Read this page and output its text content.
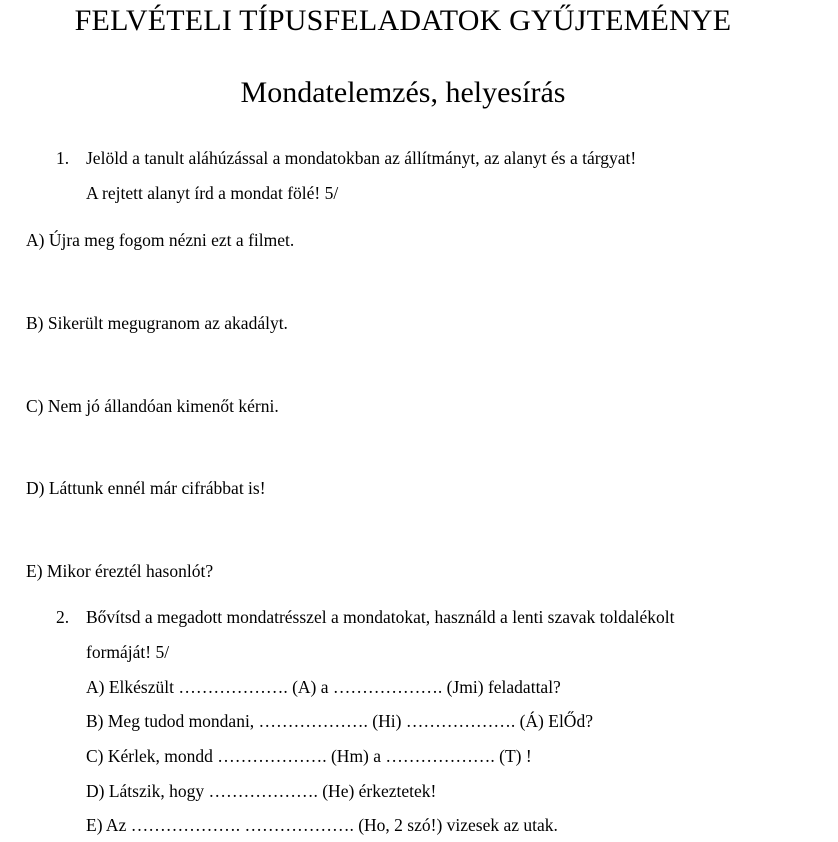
FELVÉTELI TÍPUSFELADATOK GYŰJTEMÉNYE
Mondatelemzés, helyesírás
1. Jelöld a tanult aláhúzással a mondatokban az állítmányt, az alanyt és a tárgyat!
A rejtett alanyt írd a mondat fölé! 5/
A) Újra meg fogom nézni ezt a filmet.
B) Sikerült megugranom az akadályt.
C) Nem jó állandóan kimenőt kérni.
D) Láttunk ennél már cifrábbat is!
E) Mikor éreztél hasonlót?
2. Bővítsd a megadott mondatrésszel a mondatokat, használd a lenti szavak toldalékolt
formáját! 5/
A) Elkészült ………………. (A) a ………………. (Jmi) feladattal?
B) Meg tudod mondani, ………………. (Hi) ………………. (Á) ElŐd?
C) Kérlek, mondd ………………. (Hm) a ………………. (T) !
D) Látszik, hogy ………………. (He) érkeztetek!
E) Az ………………. ………………. (Ho, 2 szó!) vizesek az utak.
